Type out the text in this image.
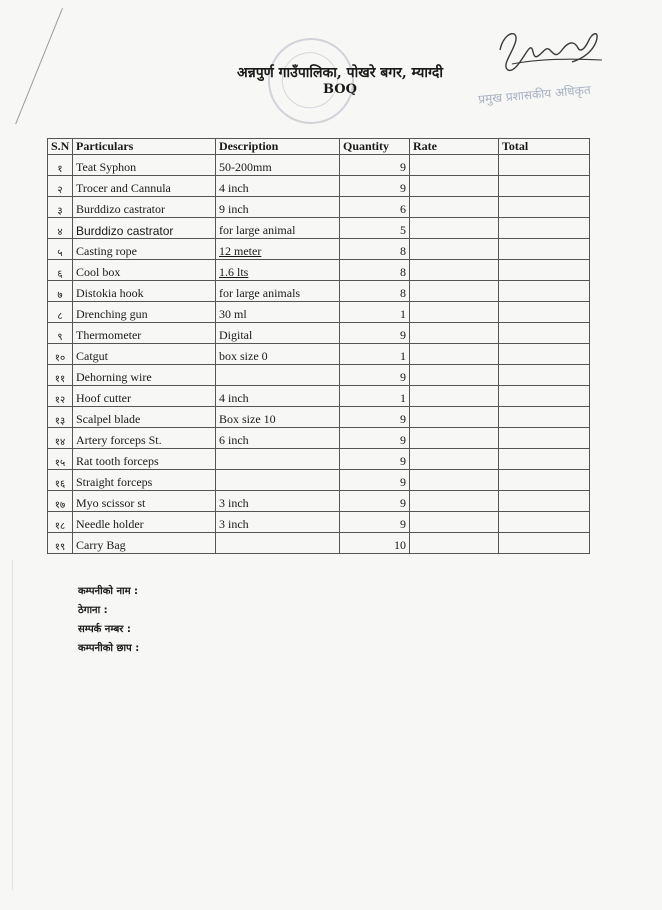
अन्नपुर्ण गाउँपालिका, पोखरे बगर, म्याग्दी
BOQ	प्रमुख प्रशासकीय अधिकृत
S.N	Particulars	Description	Quantity	Rate	Total
१	Teat Syphon	50-200mm	9		
२	Trocer and Cannula	4 inch	9		
३	Burddizo castrator	9 inch	6		
४	Burddizo castrator	for large animal	5		
५	Casting rope	12 meter	8		
६	Cool box	1.6 lts	8		
७	Distokia hook	for large animals	8		
८	Drenching gun	30 ml	1		
९	Thermometer	Digital	9		
१०	Catgut	box size 0	1		
११	Dehorning wire		9		
१२	Hoof cutter	4 inch	1		
१३	Scalpel blade	Box size 10	9		
१४	Artery forceps St.	6 inch	9		
१५	Rat tooth forceps		9		
१६	Straight forceps		9		
१७	Myo scissor st	3 inch	9		
१८	Needle holder	3 inch	9		
१९	Carry Bag		10		
कम्पनीको नाम :
ठेगाना :
सम्पर्क नम्बर :
कम्पनीको छाप :
